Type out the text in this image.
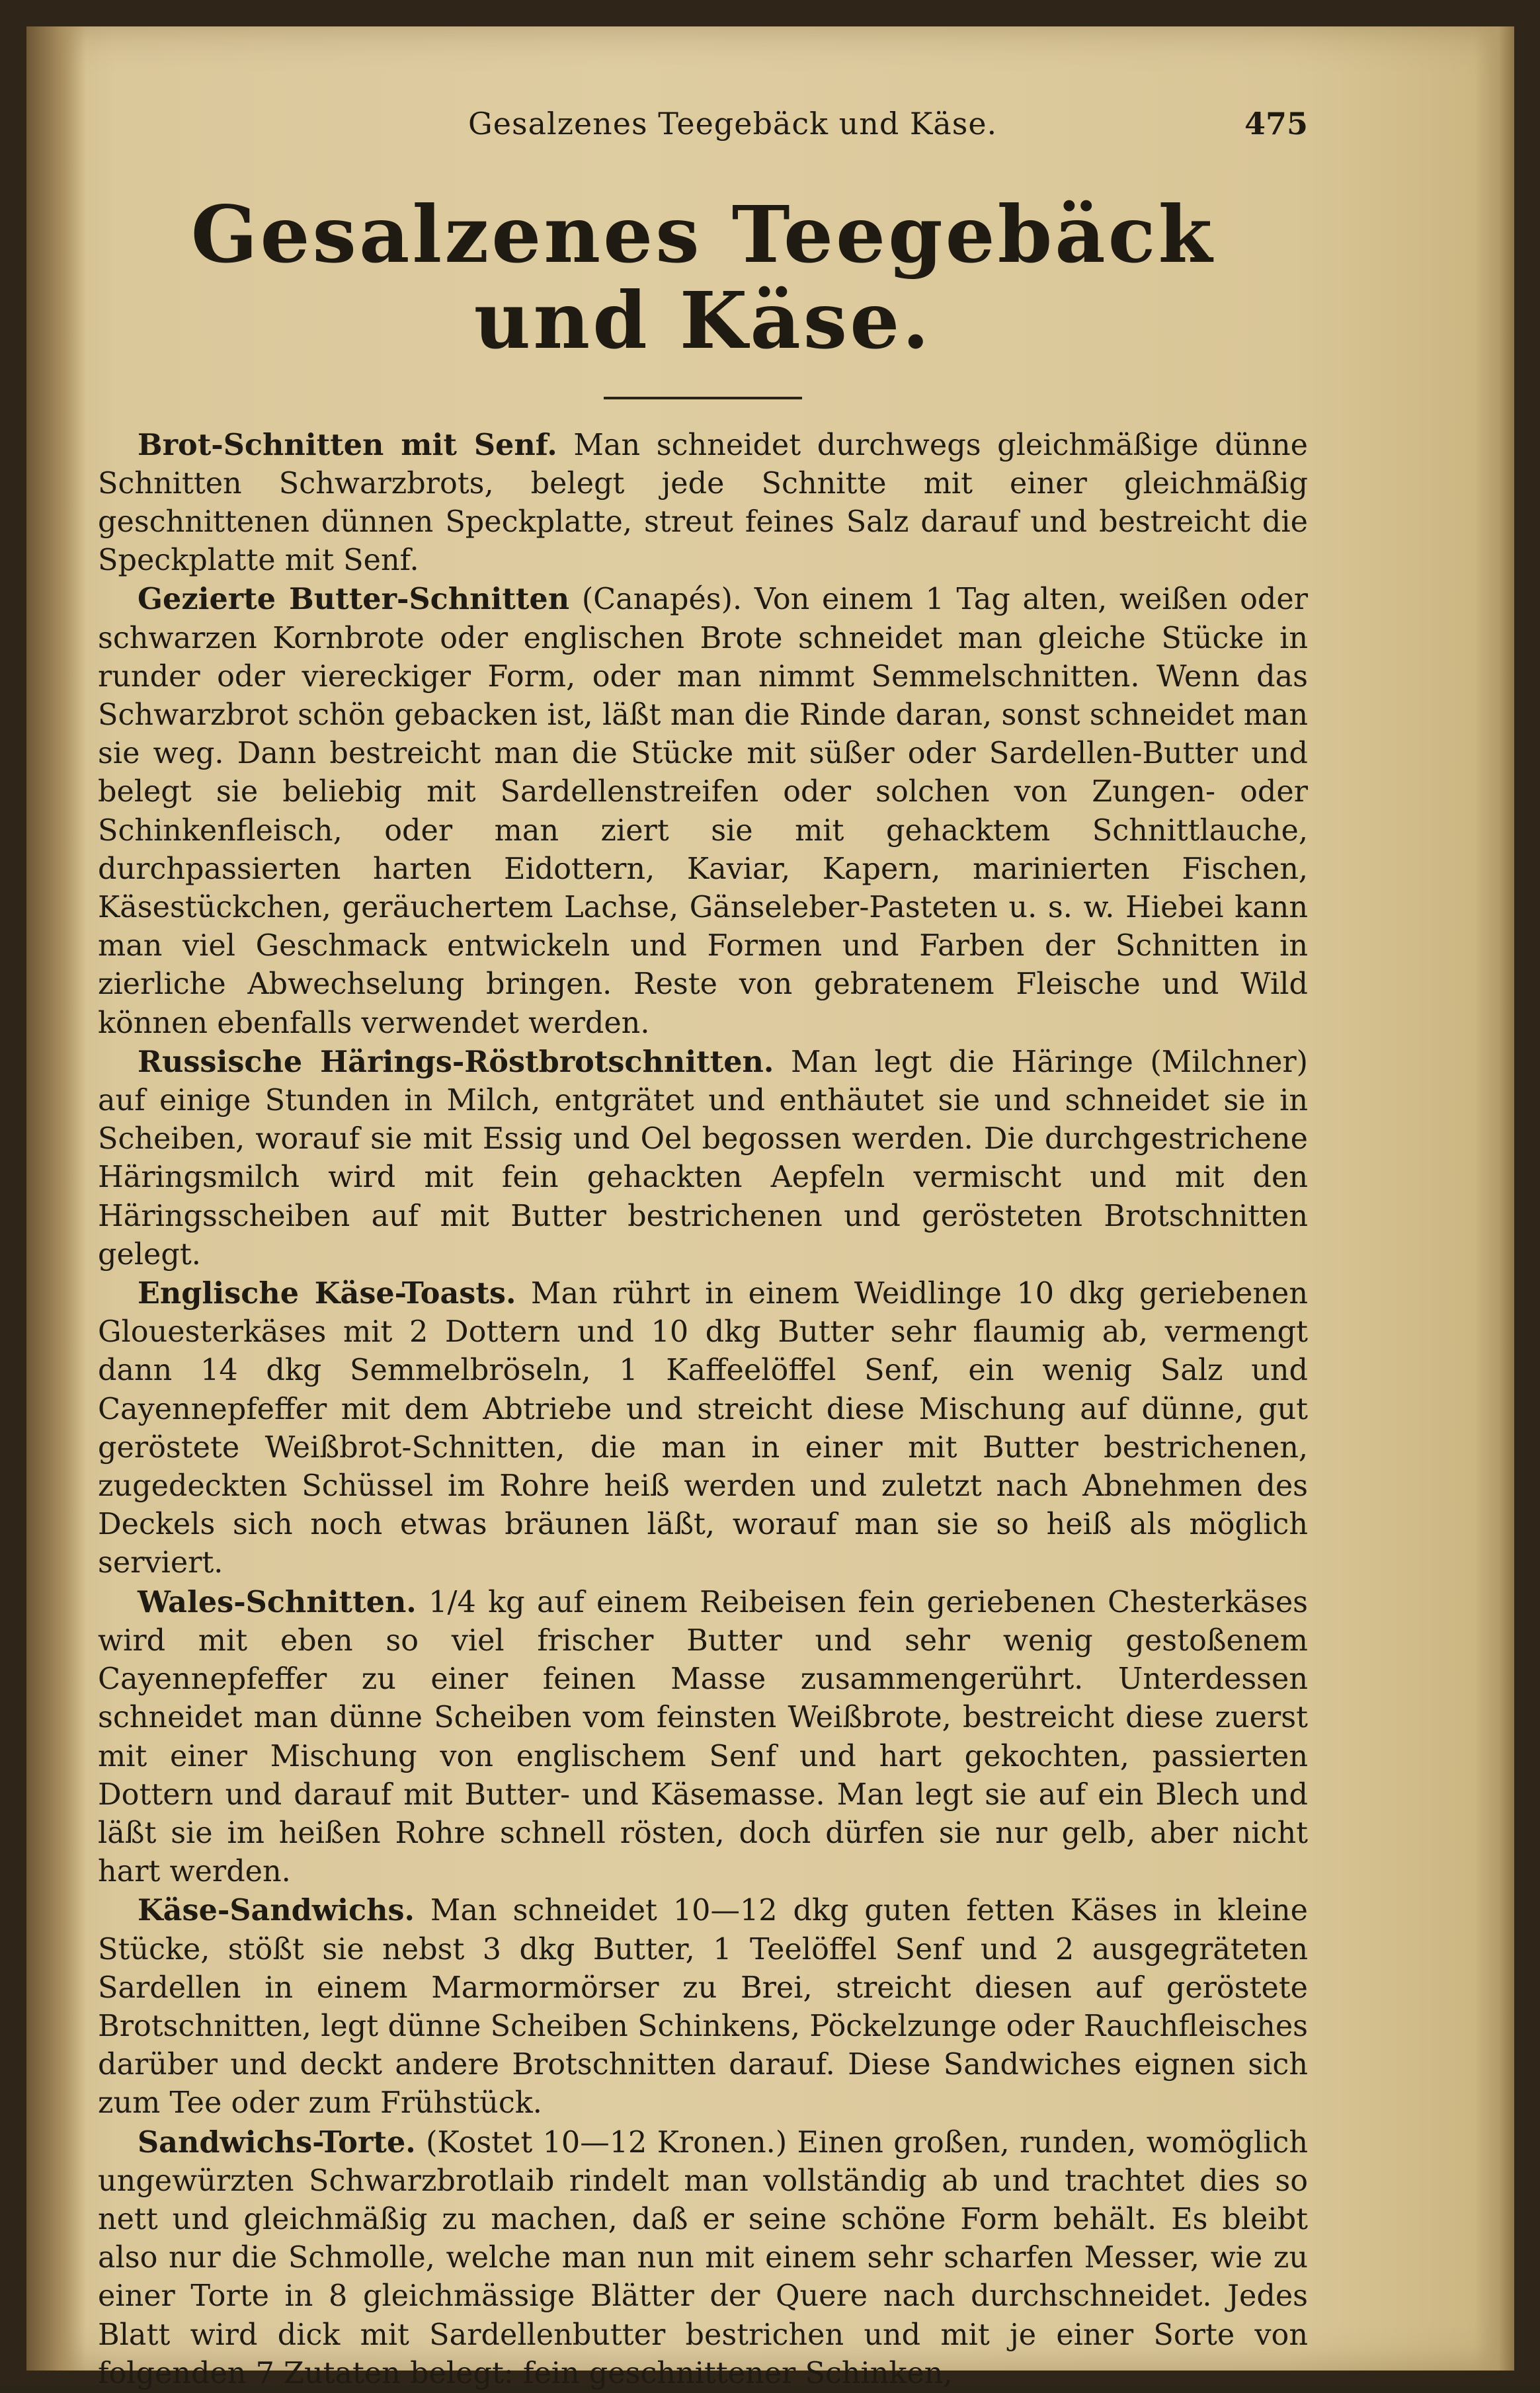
Gesalzenes Teegebäck und Käse.	475
Gesalzenes Teegebäck und Käse.

Brot-Schnitten mit Senf. Man schneidet durchwegs gleichmäßige dünne Schnitten Schwarzbrots, belegt jede Schnitte mit einer gleichmäßig geschnittenen dünnen Speckplatte, streut feines Salz darauf und bestreicht die Speckplatte mit Senf.

Gezierte Butter-Schnitten (Canapés). Von einem 1 Tag alten, weißen oder schwarzen Kornbrote oder englischen Brote schneidet man gleiche Stücke in runder oder viereckiger Form, oder man nimmt Semmelschnitten. Wenn das Schwarzbrot schön gebacken ist, läßt man die Rinde daran, sonst schneidet man sie weg. Dann bestreicht man die Stücke mit süßer oder Sardellen-Butter und belegt sie beliebig mit Sardellenstreifen oder solchen von Zungen- oder Schinkenfleisch, oder man ziert sie mit gehacktem Schnittlauche, durchpassierten harten Eidottern, Kaviar, Kapern, marinierten Fischen, Käsestückchen, geräuchertem Lachse, Gänseleber-Pasteten u. s. w. Hiebei kann man viel Geschmack entwickeln und Formen und Farben der Schnitten in zierliche Abwechselung bringen. Reste von gebratenem Fleische und Wild können ebenfalls verwendet werden.

Russische Härings-Röstbrotschnitten. Man legt die Häringe (Milchner) auf einige Stunden in Milch, entgrätet und enthäutet sie und schneidet sie in Scheiben, worauf sie mit Essig und Oel begossen werden. Die durchgestrichene Häringsmilch wird mit fein gehackten Aepfeln vermischt und mit den Häringsscheiben auf mit Butter bestrichenen und gerösteten Brotschnitten gelegt.

Englische Käse-Toasts. Man rührt in einem Weidlinge 10 dkg geriebenen Glouesterkäses mit 2 Dottern und 10 dkg Butter sehr flaumig ab, vermengt dann 14 dkg Semmelbröseln, 1 Kaffeelöffel Senf, ein wenig Salz und Cayennepfeffer mit dem Abtriebe und streicht diese Mischung auf dünne, gut geröstete Weißbrot-Schnitten, die man in einer mit Butter bestrichenen, zugedeckten Schüssel im Rohre heiß werden und zuletzt nach Abnehmen des Deckels sich noch etwas bräunen läßt, worauf man sie so heiß als möglich serviert.

Wales-Schnitten. 1/4 kg auf einem Reibeisen fein geriebenen Chesterkäses wird mit eben so viel frischer Butter und sehr wenig gestoßenem Cayennepfeffer zu einer feinen Masse zusammengerührt. Unterdessen schneidet man dünne Scheiben vom feinsten Weißbrote, bestreicht diese zuerst mit einer Mischung von englischem Senf und hart gekochten, passierten Dottern und darauf mit Butter- und Käsemasse. Man legt sie auf ein Blech und läßt sie im heißen Rohre schnell rösten, doch dürfen sie nur gelb, aber nicht hart werden.

Käse-Sandwichs. Man schneidet 10—12 dkg guten fetten Käses in kleine Stücke, stößt sie nebst 3 dkg Butter, 1 Teelöffel Senf und 2 ausgegräteten Sardellen in einem Marmormörser zu Brei, streicht diesen auf geröstete Brotschnitten, legt dünne Scheiben Schinkens, Pöckelzunge oder Rauchfleisches darüber und deckt andere Brotschnitten darauf. Diese Sandwiches eignen sich zum Tee oder zum Frühstück.

Sandwichs-Torte. (Kostet 10—12 Kronen.) Einen großen, runden, womöglich ungewürzten Schwarzbrotlaib rindelt man vollständig ab und trachtet dies so nett und gleichmäßig zu machen, daß er seine schöne Form behält. Es bleibt also nur die Schmolle, welche man nun mit einem sehr scharfen Messer, wie zu einer Torte in 8 gleichmässige Blätter der Quere nach durchschneidet. Jedes Blatt wird dick mit Sardellenbutter bestrichen und mit je einer Sorte von folgenden 7 Zutaten belegt: fein geschnittener Schinken,
